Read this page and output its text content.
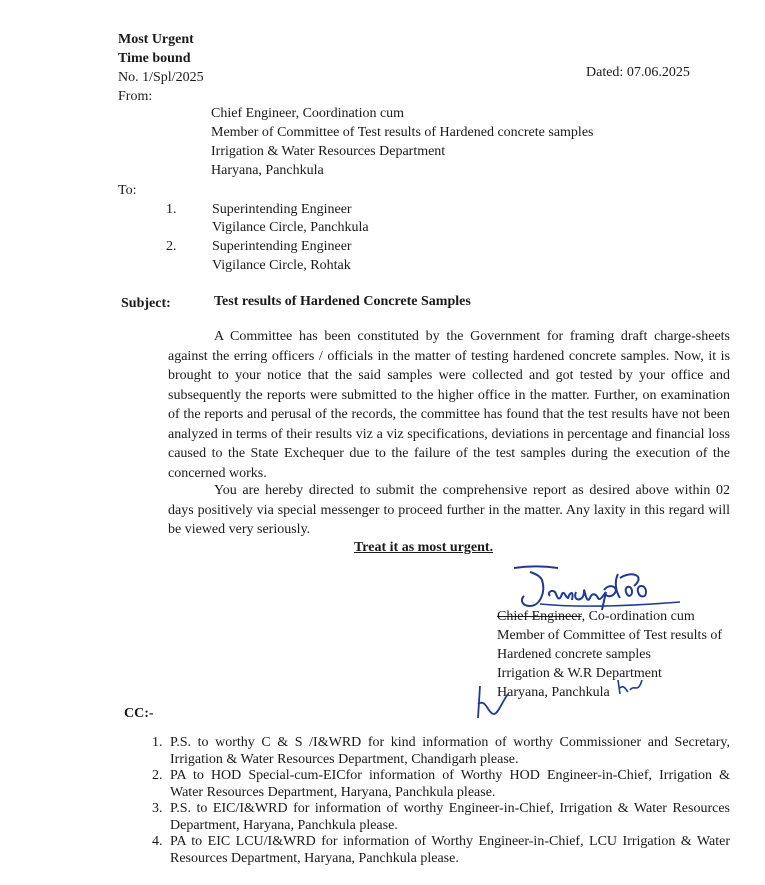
Most Urgent
Time bound
No. 1/Spl/2025	Dated: 07.06.2025
From:
Chief Engineer, Coordination cum
Member of Committee of Test results of Hardened concrete samples
Irrigation & Water Resources Department
Haryana, Panchkula
To:
1.	Superintending Engineer
Vigilance Circle, Panchkula
2.	Superintending Engineer
Vigilance Circle, Rohtak
Subject:	Test results of Hardened Concrete Samples
A Committee has been constituted by the Government for framing draft charge-sheets against the erring officers / officials in the matter of testing hardened concrete samples. Now, it is brought to your notice that the said samples were collected and got tested by your office and subsequently the reports were submitted to the higher office in the matter. Further, on examination of the reports and perusal of the records, the committee has found that the test results have not been analyzed in terms of their results viz a viz specifications, deviations in percentage and financial loss caused to the State Exchequer due to the failure of the test samples during the execution of the concerned works.
You are hereby directed to submit the comprehensive report as desired above within 02 days positively via special messenger to proceed further in the matter. Any laxity in this regard will be viewed very seriously.
Treat it as most urgent.
Chief Engineer, Co-ordination cum
Member of Committee of Test results of
Hardened concrete samples
Irrigation & W.R Department
Haryana, Panchkula
CC:-
1. P.S. to worthy C & S /I&WRD for kind information of worthy Commissioner and Secretary, Irrigation & Water Resources Department, Chandigarh please.
2. PA to HOD Special-cum-EICfor information of Worthy HOD Engineer-in-Chief, Irrigation & Water Resources Department, Haryana, Panchkula please.
3. P.S. to EIC/I&WRD for information of worthy Engineer-in-Chief, Irrigation & Water Resources Department, Haryana, Panchkula please.
4. PA to EIC LCU/I&WRD for information of Worthy Engineer-in-Chief, LCU Irrigation & Water Resources Department, Haryana, Panchkula please.
